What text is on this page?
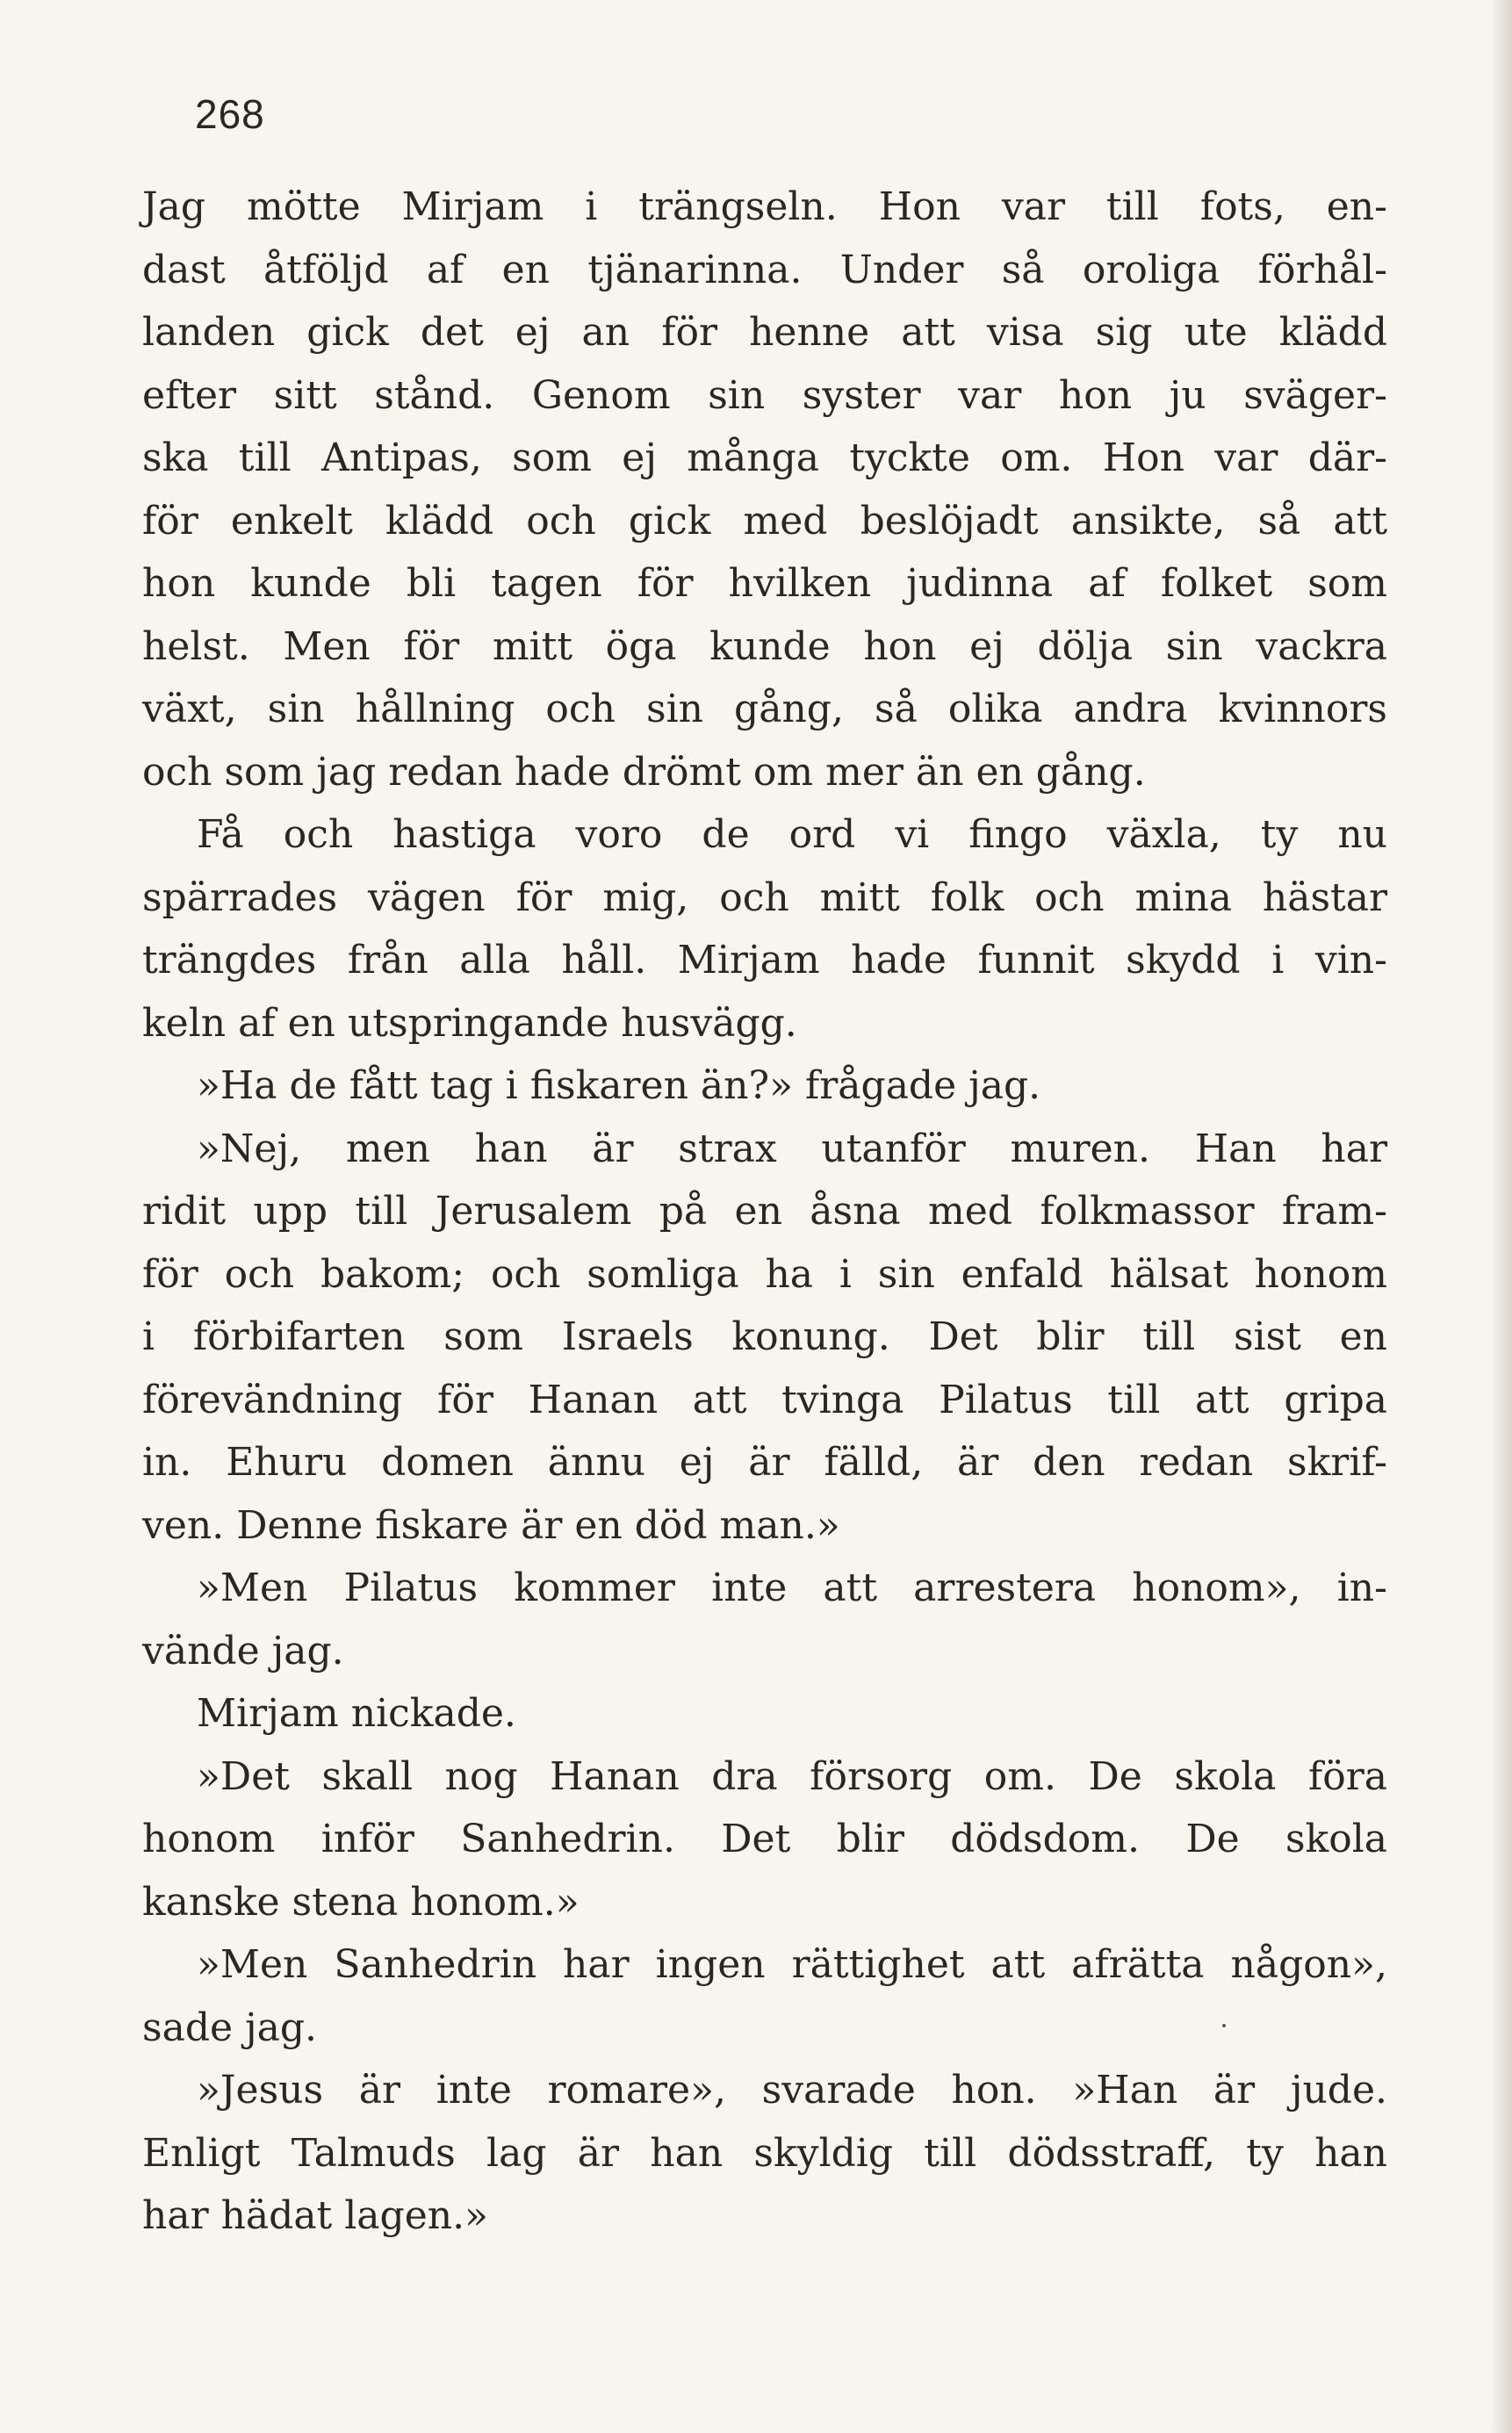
268
Jag mötte Mirjam i trängseln. Hon var till fots, en-
dast åtföljd af en tjänarinna. Under så oroliga förhål-
landen gick det ej an för henne att visa sig ute klädd
efter sitt stånd. Genom sin syster var hon ju sväger-
ska till Antipas, som ej många tyckte om. Hon var där-
för enkelt klädd och gick med beslöjadt ansikte, så att
hon kunde bli tagen för hvilken judinna af folket som
helst. Men för mitt öga kunde hon ej dölja sin vackra
växt, sin hållning och sin gång, så olika andra kvinnors
och som jag redan hade drömt om mer än en gång.
Få och hastiga voro de ord vi fingo växla, ty nu
spärrades vägen för mig, och mitt folk och mina hästar
trängdes från alla håll. Mirjam hade funnit skydd i vin-
keln af en utspringande husvägg.
»Ha de fått tag i fiskaren än?» frågade jag.
»Nej, men han är strax utanför muren. Han har
ridit upp till Jerusalem på en åsna med folkmassor fram-
för och bakom; och somliga ha i sin enfald hälsat honom
i förbifarten som Israels konung. Det blir till sist en
förevändning för Hanan att tvinga Pilatus till att gripa
in. Ehuru domen ännu ej är fälld, är den redan skrif-
ven. Denne fiskare är en död man.»
»Men Pilatus kommer inte att arrestera honom», in-
vände jag.
Mirjam nickade.
»Det skall nog Hanan dra försorg om. De skola föra
honom inför Sanhedrin. Det blir dödsdom. De skola
kanske stena honom.»
»Men Sanhedrin har ingen rättighet att afrätta någon»,
sade jag.
»Jesus är inte romare», svarade hon. »Han är jude.
Enligt Talmuds lag är han skyldig till dödsstraff, ty han
har hädat lagen.»
